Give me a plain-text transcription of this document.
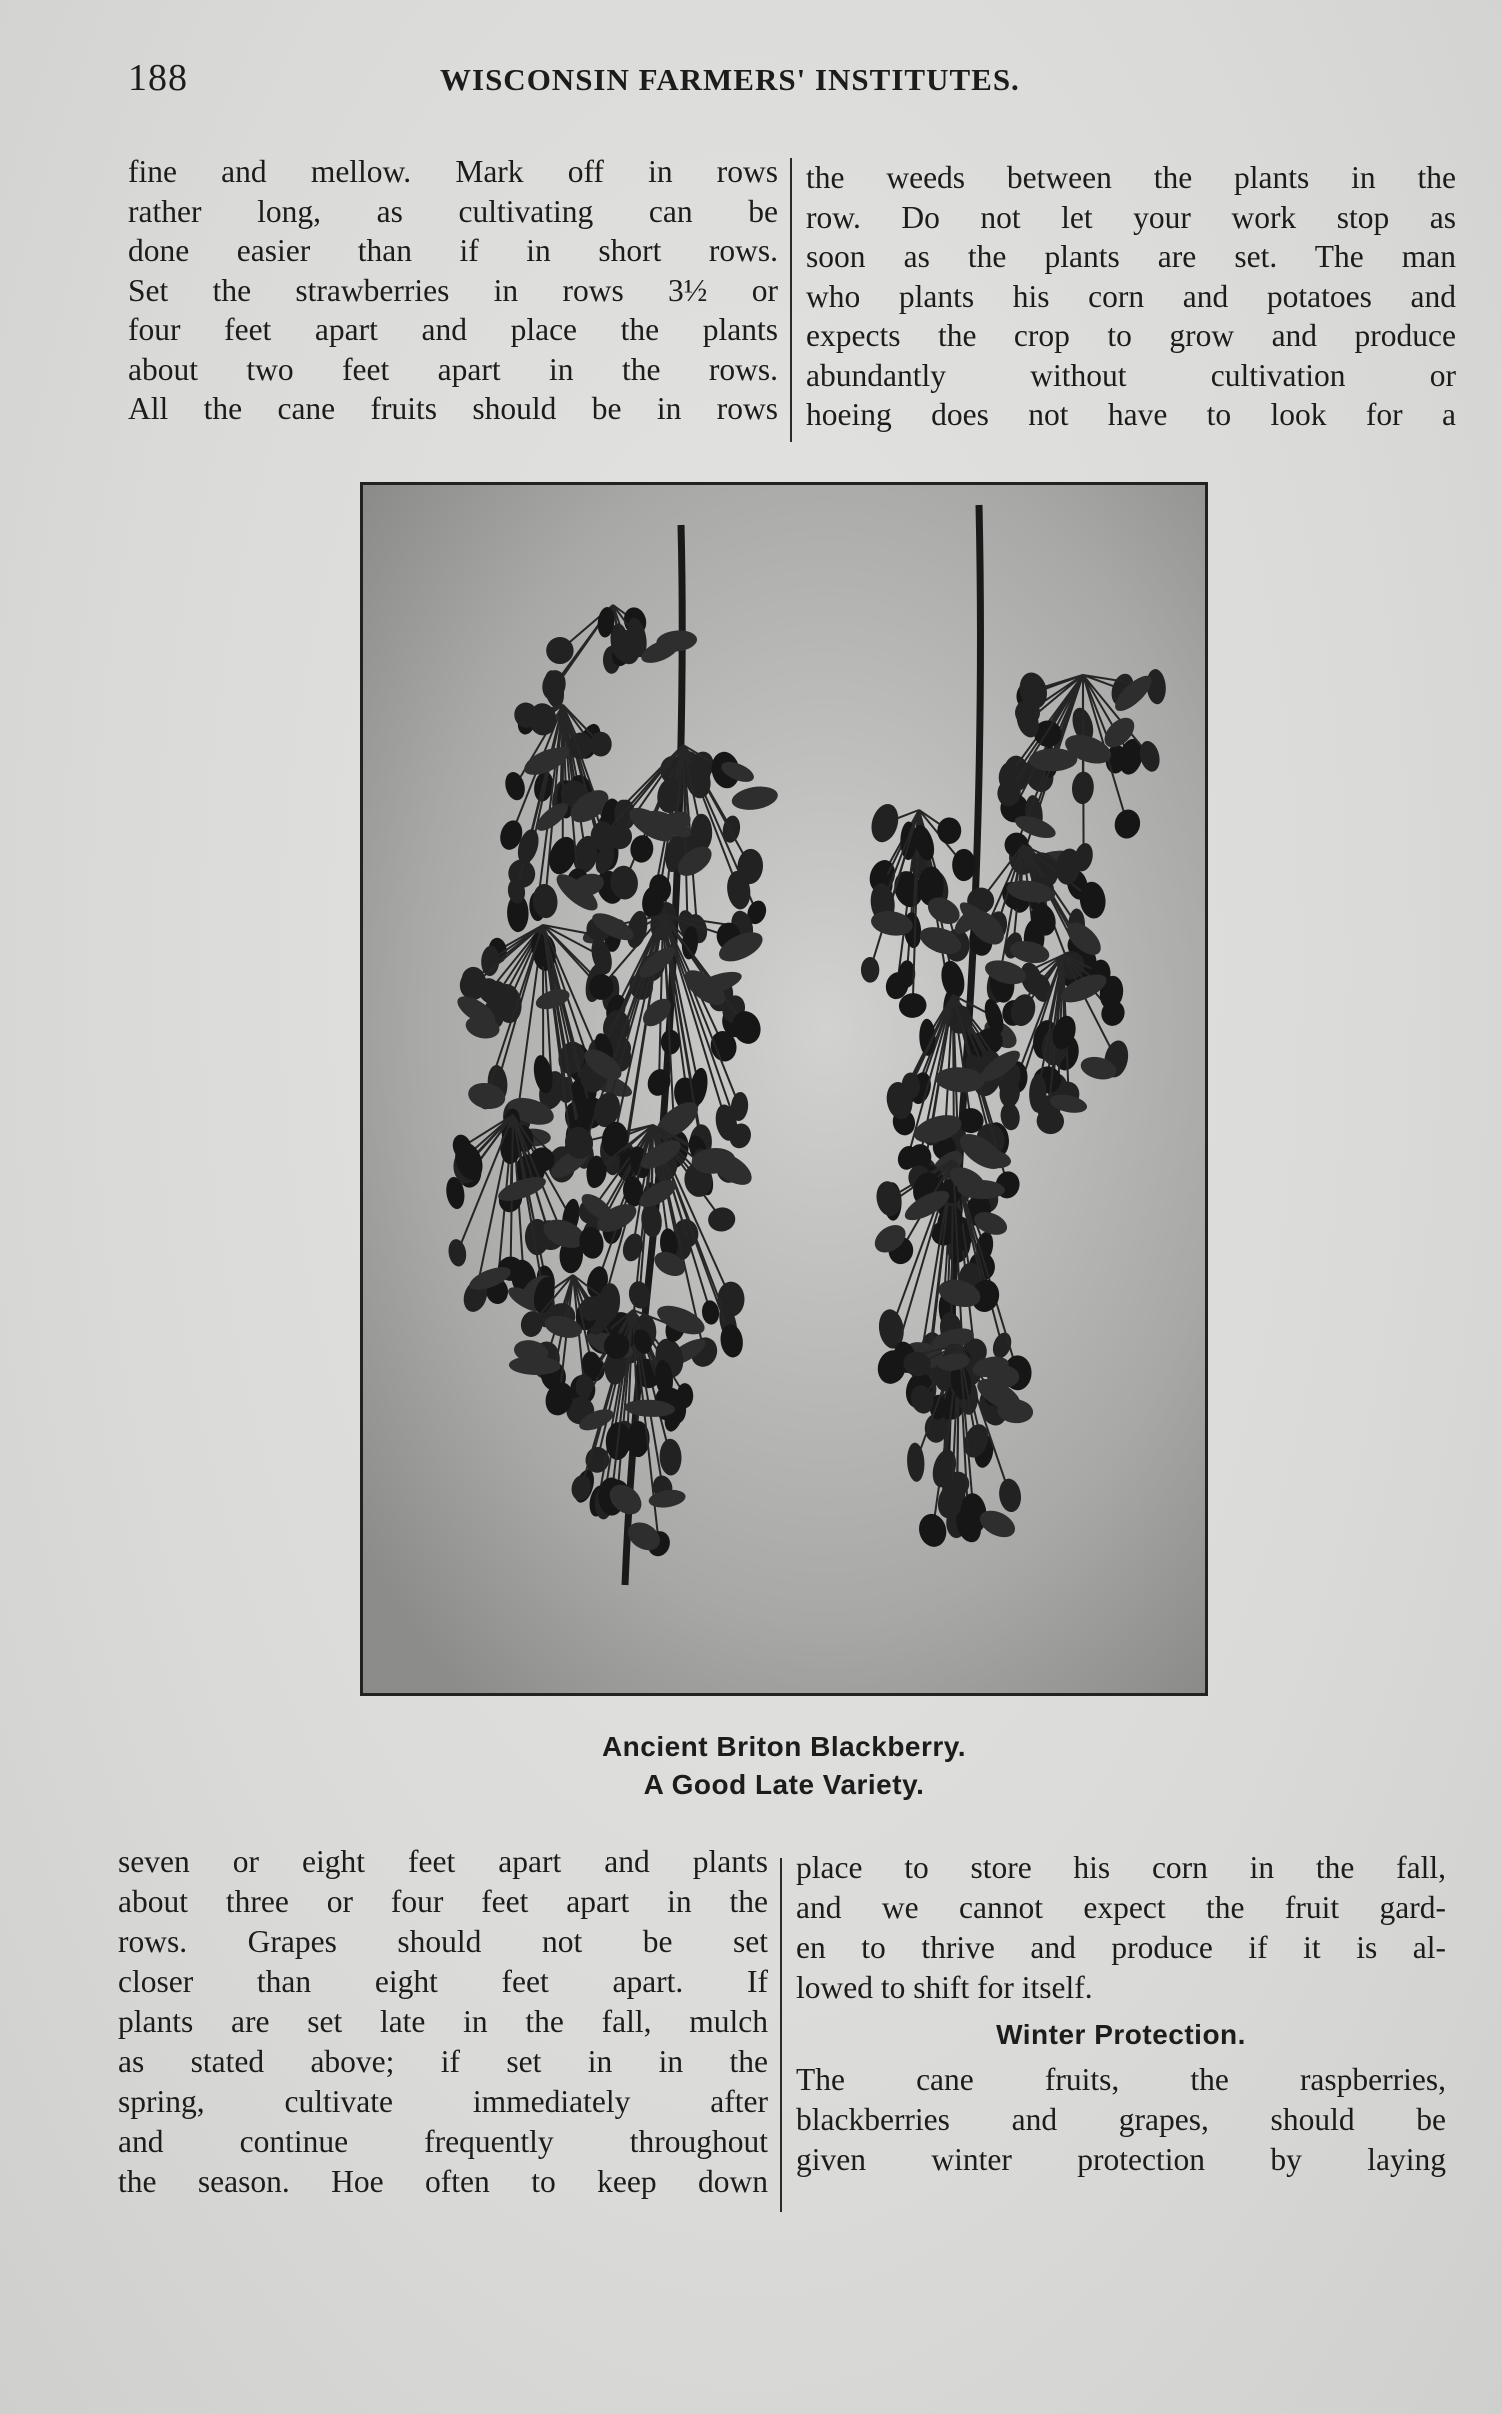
188	WISCONSIN FARMERS' INSTITUTES.
fine and mellow. Mark off in rows
rather long, as cultivating can be
done easier than if in short rows.
Set the strawberries in rows 3½ or
four feet apart and place the plants
about two feet apart in the rows.
All the cane fruits should be in rows
the weeds between the plants in the
row. Do not let your work stop as
soon as the plants are set. The man
who plants his corn and potatoes and
expects the crop to grow and produce
abundantly without cultivation or
hoeing does not have to look for a
Ancient Briton Blackberry.
A Good Late Variety.
seven or eight feet apart and plants
about three or four feet apart in the
rows. Grapes should not be set
closer than eight feet apart. If
plants are set late in the fall, mulch
as stated above; if set in in the
spring, cultivate immediately after
and continue frequently throughout
the season. Hoe often to keep down
place to store his corn in the fall,
and we cannot expect the fruit gard-
en to thrive and produce if it is al-
lowed to shift for itself.
Winter Protection.
The cane fruits, the raspberries,
blackberries and grapes, should be
given winter protection by laying
